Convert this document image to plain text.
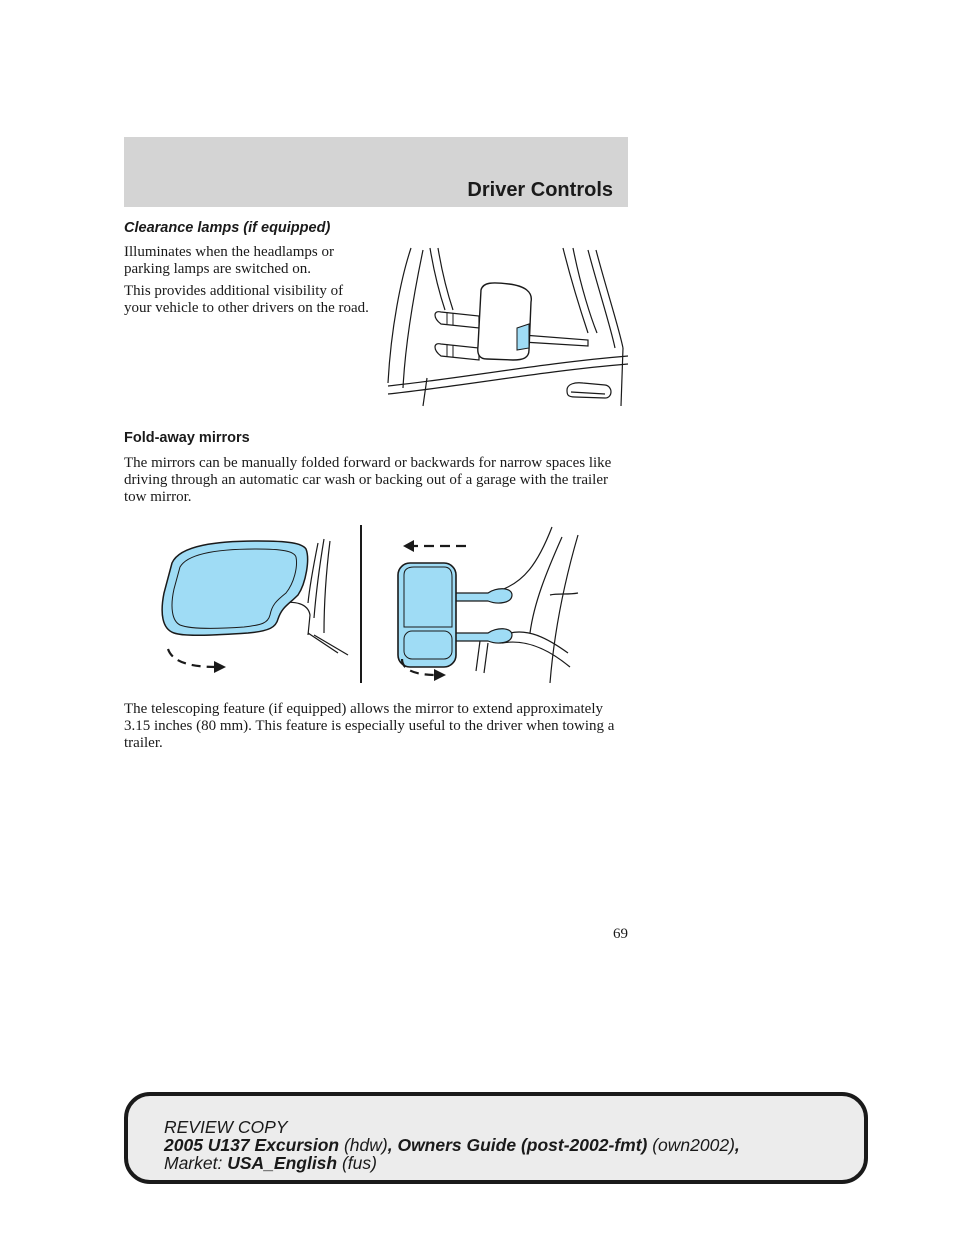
Driver Controls
Clearance lamps (if equipped)

Illuminates when the headlamps or parking lamps are switched on.

This provides additional visibility of your vehicle to other drivers on the road.

Fold-away mirrors

The mirrors can be manually folded forward or backwards for narrow spaces like driving through an automatic car wash or backing out of a garage with the trailer tow mirror.

The telescoping feature (if equipped) allows the mirror to extend approximately 3.15 inches (80 mm). This feature is especially useful to the driver when towing a trailer.

69

REVIEW COPY
2005 U137 Excursion (hdw), Owners Guide (post-2002-fmt) (own2002),
Market: USA_English (fus)
